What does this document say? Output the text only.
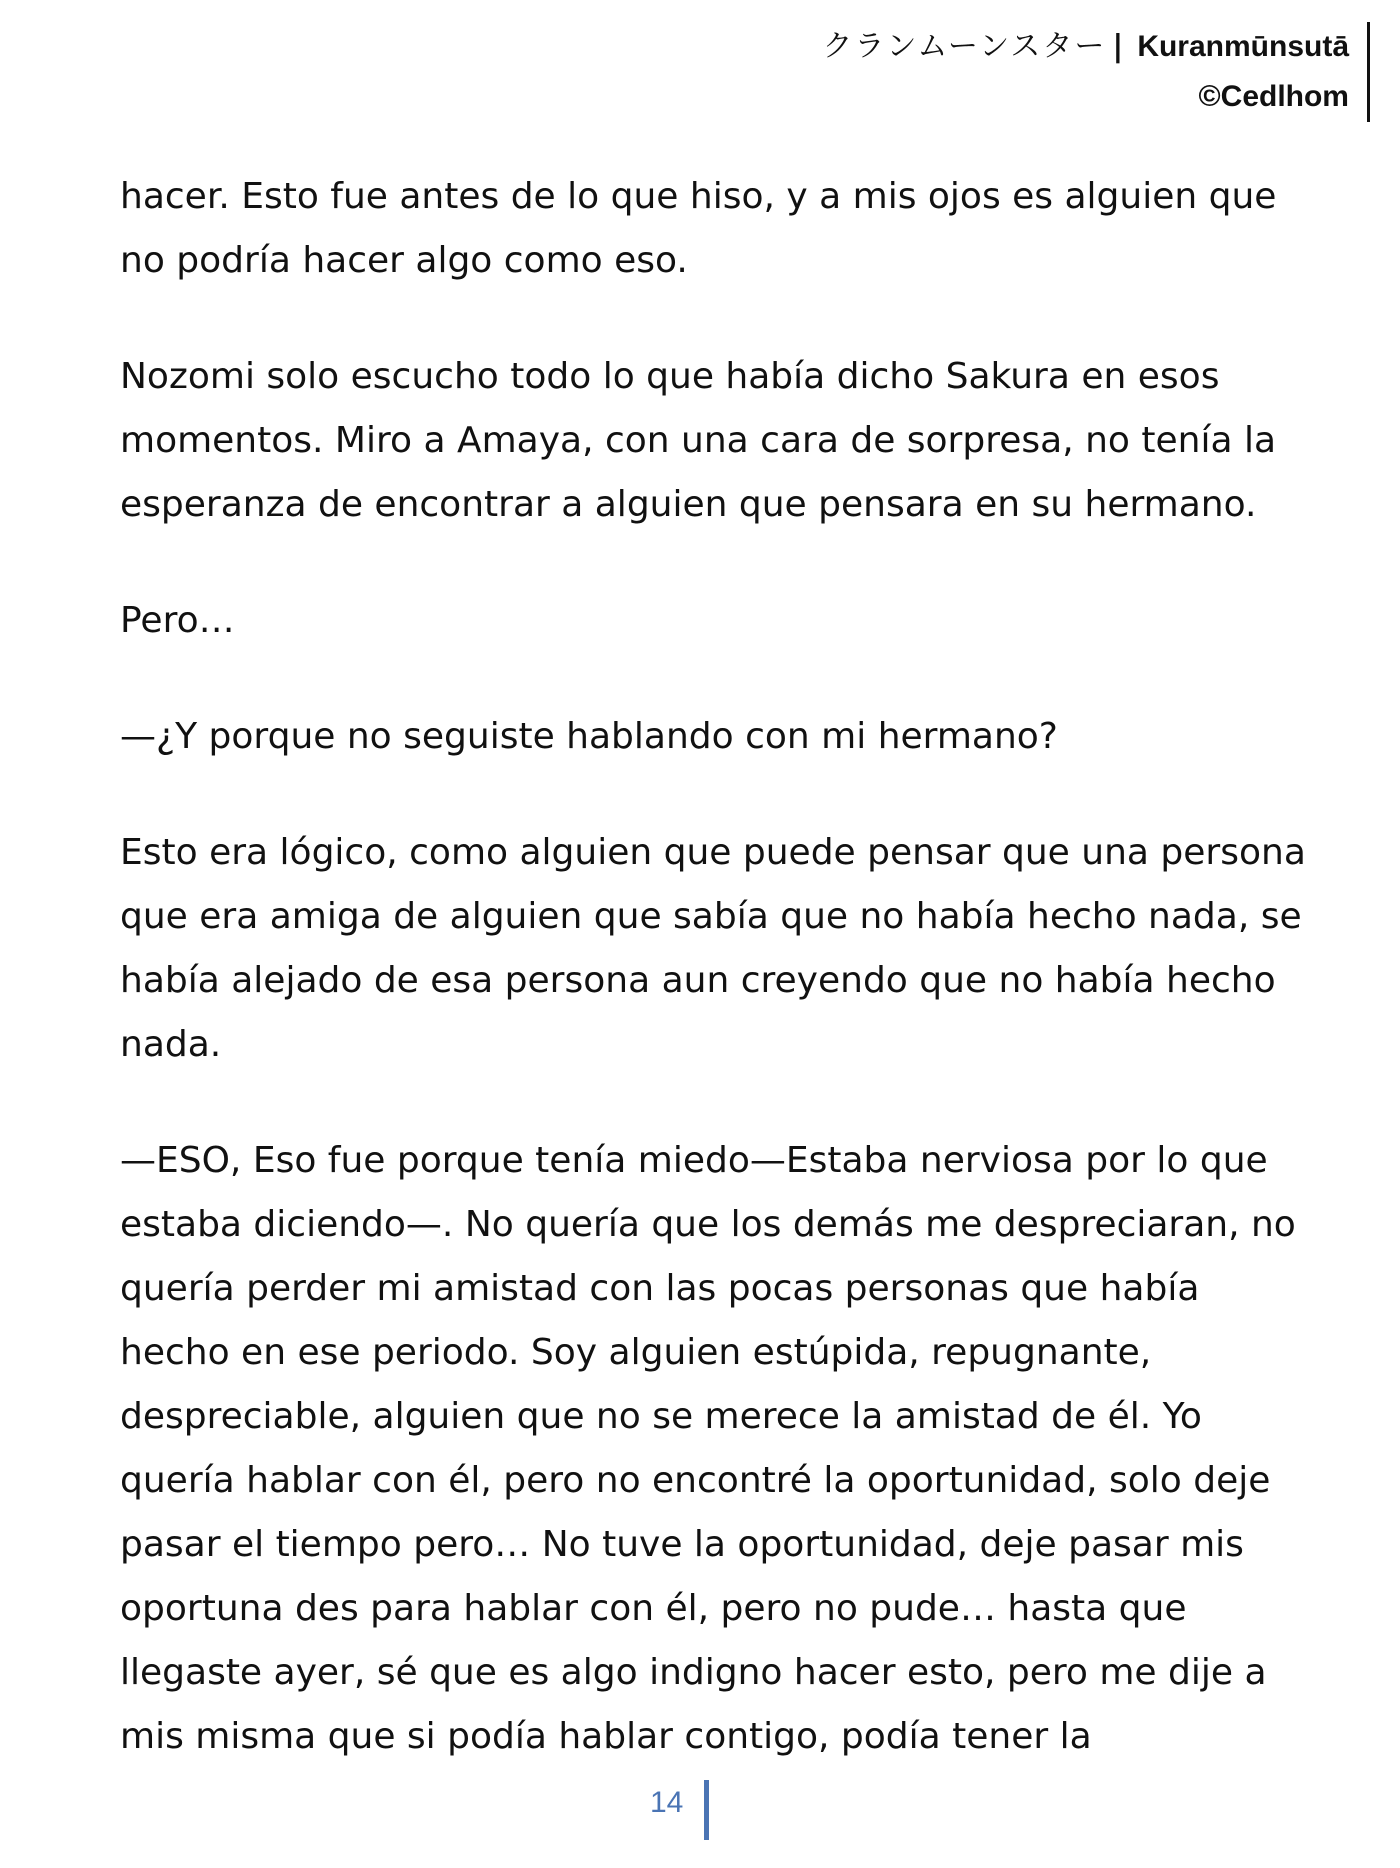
クランムーンスター | Kuranmūnsutā
©Cedlhom

hacer. Esto fue antes de lo que hiso, y a mis ojos es alguien que
no podría hacer algo como eso.

Nozomi solo escucho todo lo que había dicho Sakura en esos
momentos. Miro a Amaya, con una cara de sorpresa, no tenía la
esperanza de encontrar a alguien que pensara en su hermano.

Pero…

—¿Y porque no seguiste hablando con mi hermano?

Esto era lógico, como alguien que puede pensar que una persona
que era amiga de alguien que sabía que no había hecho nada, se
había alejado de esa persona aun creyendo que no había hecho
nada.

—ESO, Eso fue porque tenía miedo—Estaba nerviosa por lo que
estaba diciendo—. No quería que los demás me despreciaran, no
quería perder mi amistad con las pocas personas que había
hecho en ese periodo. Soy alguien estúpida, repugnante,
despreciable, alguien que no se merece la amistad de él. Yo
quería hablar con él, pero no encontré la oportunidad, solo deje
pasar el tiempo pero… No tuve la oportunidad, deje pasar mis
oportuna des para hablar con él, pero no pude… hasta que
llegaste ayer, sé que es algo indigno hacer esto, pero me dije a
mis misma que si podía hablar contigo, podía tener la

14
